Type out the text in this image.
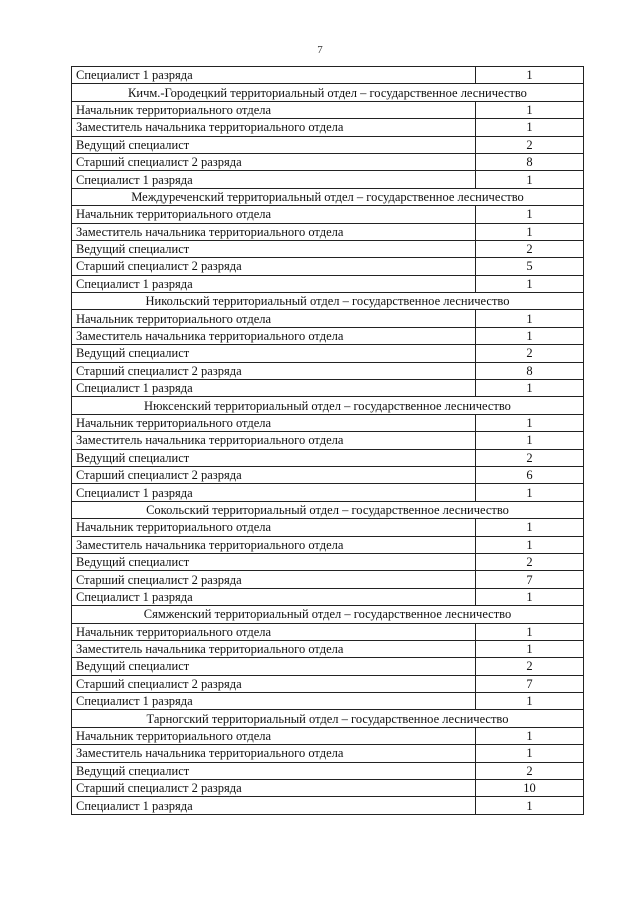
7
Специалист 1 разряда	1
Кичм.-Городецкий территориальный отдел – государственное лесничество	
Начальник территориального отдела	1
Заместитель начальника территориального отдела	1
Ведущий специалист	2
Старший специалист 2 разряда	8
Специалист 1 разряда	1
Междуреченский территориальный отдел – государственное лесничество	
Начальник территориального отдела	1
Заместитель начальника территориального отдела	1
Ведущий специалист	2
Старший специалист 2 разряда	5
Специалист 1 разряда	1
Никольский территориальный отдел – государственное лесничество	
Начальник территориального отдела	1
Заместитель начальника территориального отдела	1
Ведущий специалист	2
Старший специалист 2 разряда	8
Специалист 1 разряда	1
Нюксенский территориальный отдел – государственное лесничество	
Начальник территориального отдела	1
Заместитель начальника территориального отдела	1
Ведущий специалист	2
Старший специалист 2 разряда	6
Специалист 1 разряда	1
Сокольский территориальный отдел – государственное лесничество	
Начальник территориального отдела	1
Заместитель начальника территориального отдела	1
Ведущий специалист	2
Старший специалист 2 разряда	7
Специалист 1 разряда	1
Сямженский территориальный отдел – государственное лесничество	
Начальник территориального отдела	1
Заместитель начальника территориального отдела	1
Ведущий специалист	2
Старший специалист 2 разряда	7
Специалист 1 разряда	1
Тарногский территориальный отдел – государственное лесничество	
Начальник территориального отдела	1
Заместитель начальника территориального отдела	1
Ведущий специалист	2
Старший специалист 2 разряда	10
Специалист 1 разряда	1
